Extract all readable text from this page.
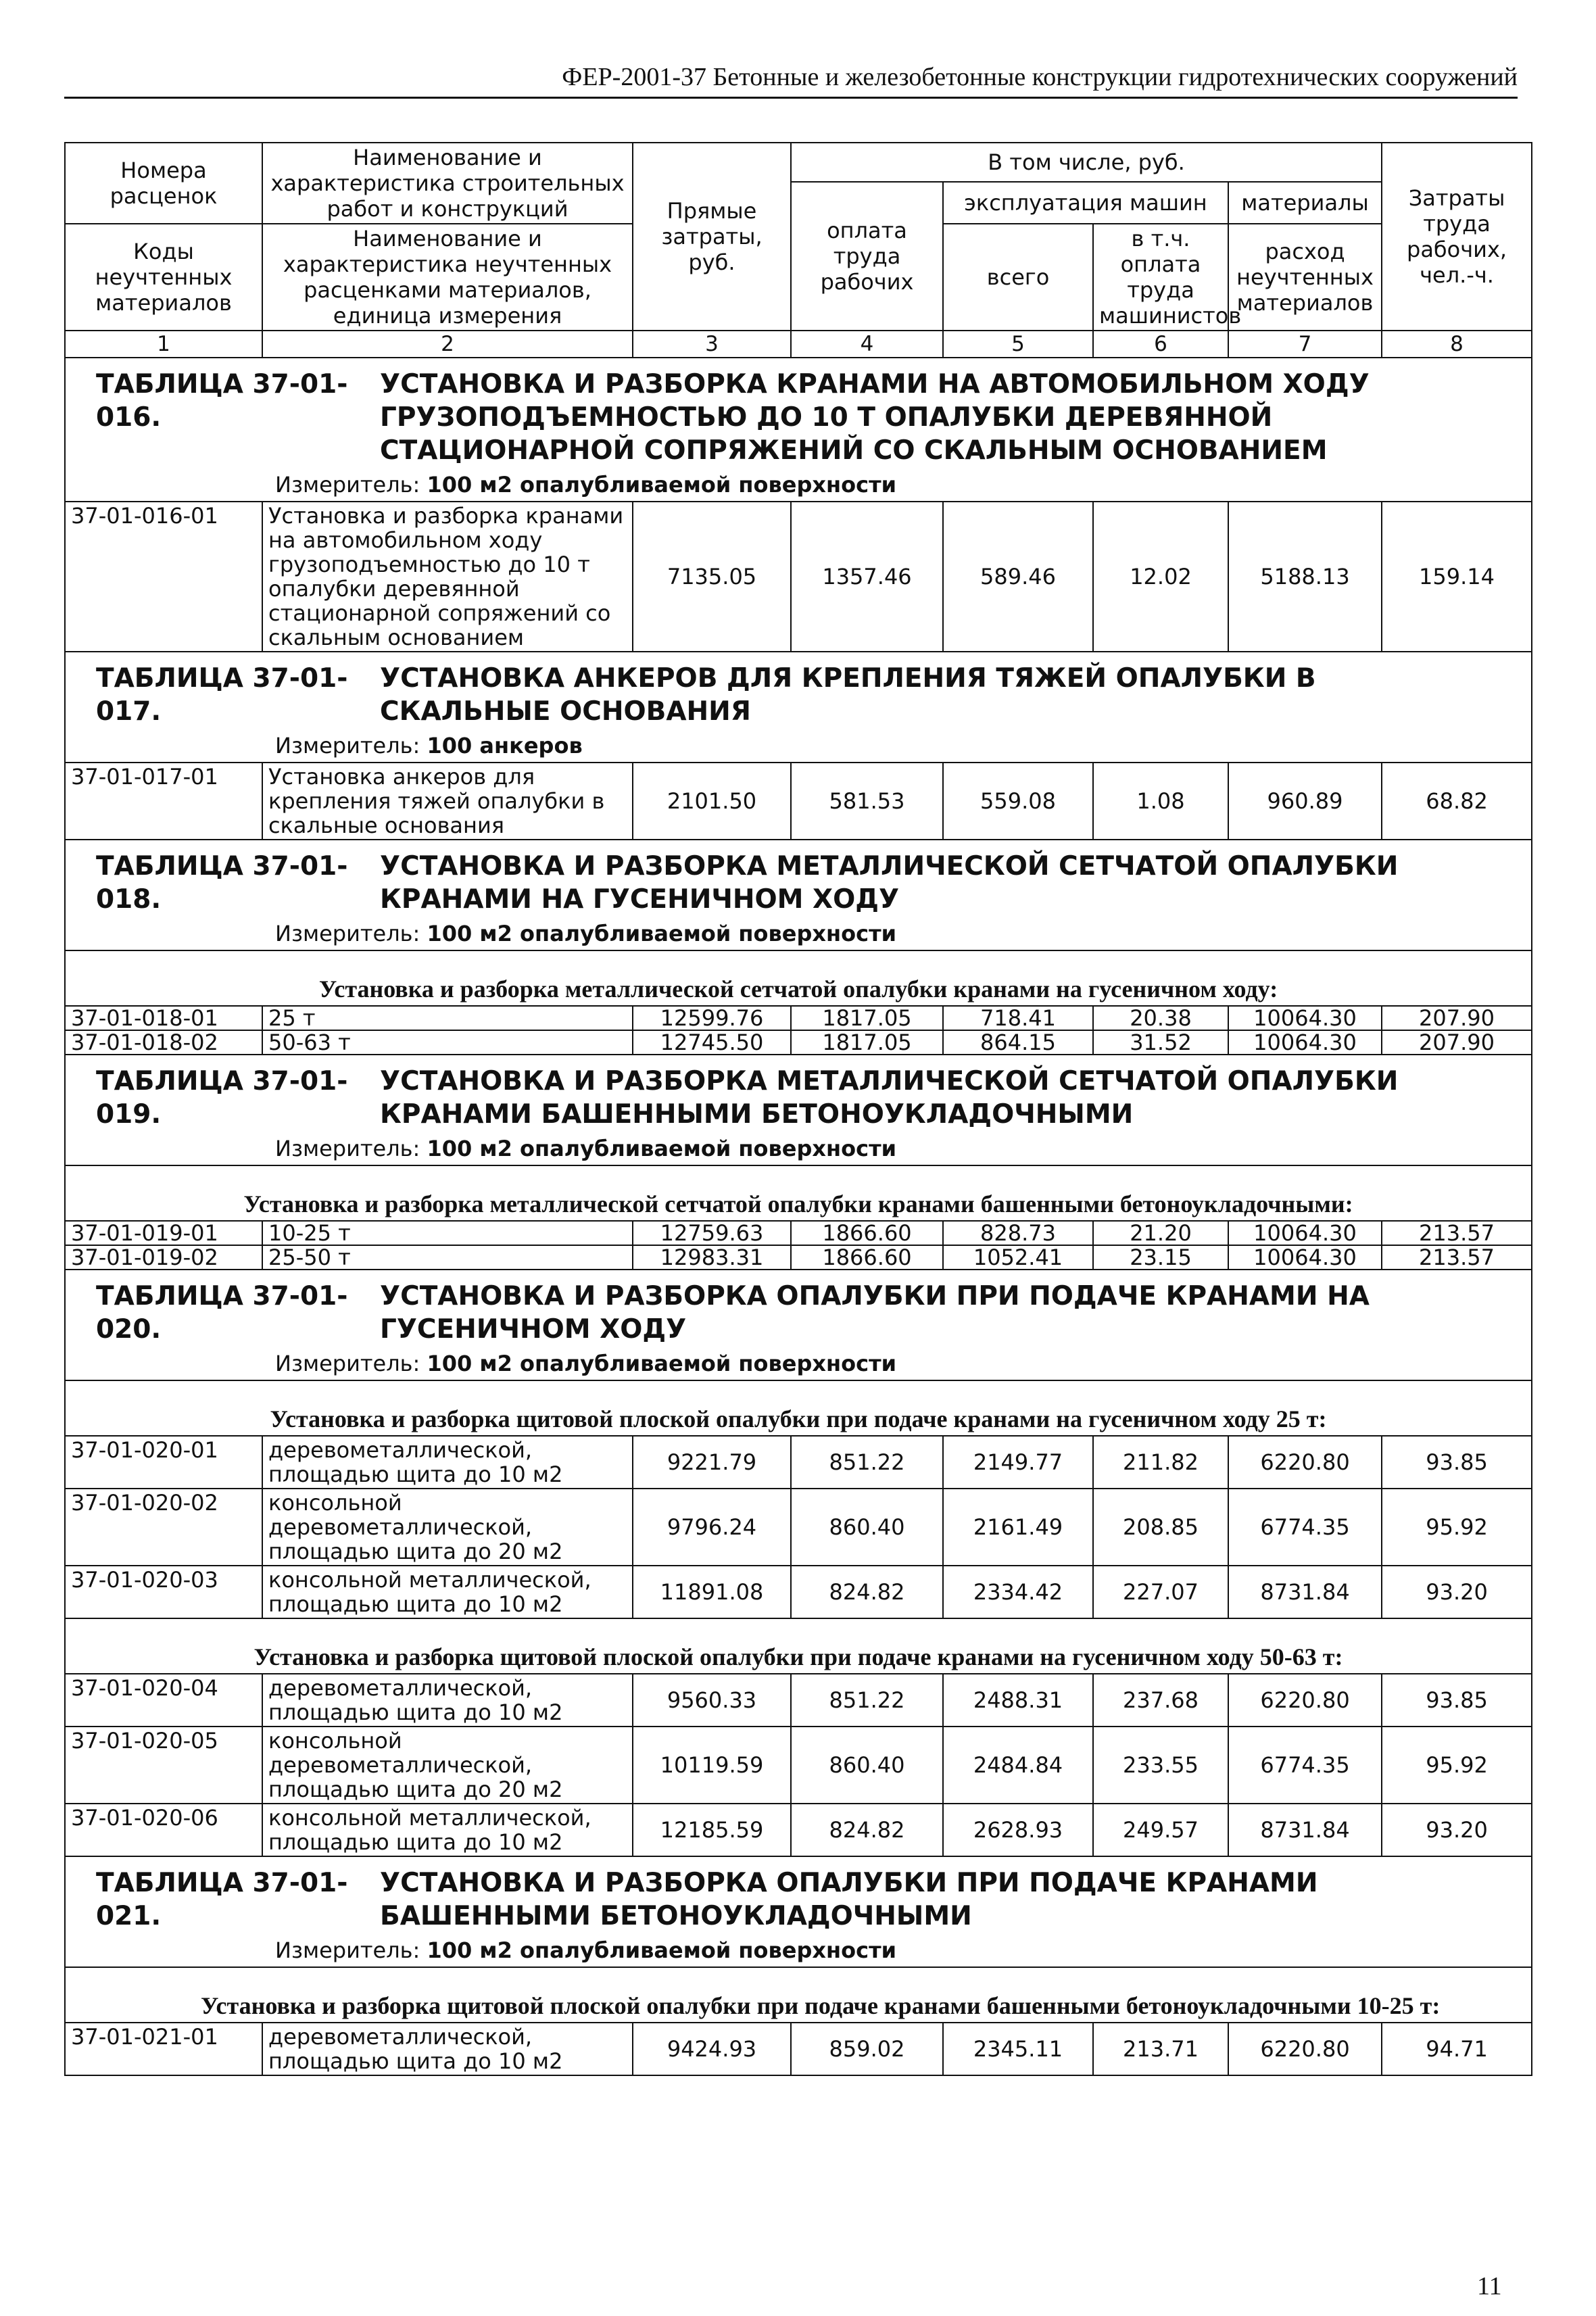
ФЕР-2001-37 Бетонные и железобетонные конструкции гидротехнических сооружений
Номера расценок	Наименование и характеристика строительных работ и конструкций	Прямые затраты, руб.	В том числе, руб.				Затраты труда рабочих, чел.-ч.
			оплата труда рабочих	эксплуатация машин		материалы	
Коды неучтенных материалов	Наименование и характеристика неучтенных расценками материалов, единица измерения			всего	в т.ч. оплата труда машинистов	расход неучтенных материалов	

1	2	3	4	5	6	7	8
ТАБЛИЦА 37-01-016.УСТАНОВКА И РАЗБОРКА КРАНАМИ НА АВТОМОБИЛЬНОМ ХОДУ ГРУЗОПОДЪЕМНОСТЬЮ ДО 10 Т ОПАЛУБКИ ДЕРЕВЯННОЙ СТАЦИОНАРНОЙ СОПРЯЖЕНИЙ СО СКАЛЬНЫМ ОСНОВАНИЕМ							
Измеритель: 100 м2 опалубливаемой поверхности							
37-01-016-01	Установка и разборка кранами на автомобильном ходу грузоподъемностью до 10 т опалубки деревянной стационарной сопряжений со скальным основанием	7135.05	1357.46	589.46	12.02	5188.13	159.14
ТАБЛИЦА 37-01-017.УСТАНОВКА АНКЕРОВ ДЛЯ КРЕПЛЕНИЯ ТЯЖЕЙ ОПАЛУБКИ В СКАЛЬНЫЕ ОСНОВАНИЯ							
Измеритель: 100 анкеров							
37-01-017-01	Установка анкеров для крепления тяжей опалубки в скальные основания	2101.50	581.53	559.08	1.08	960.89	68.82
ТАБЛИЦА 37-01-018.УСТАНОВКА И РАЗБОРКА МЕТАЛЛИЧЕСКОЙ СЕТЧАТОЙ ОПАЛУБКИ КРАНАМИ НА ГУСЕНИЧНОМ ХОДУ							
Измеритель: 100 м2 опалубливаемой поверхности							
Установка и разборка металлической сетчатой опалубки кранами на гусеничном ходу:							
37-01-018-01	25 т	12599.76	1817.05	718.41	20.38	10064.30	207.90
37-01-018-02	50-63 т	12745.50	1817.05	864.15	31.52	10064.30	207.90
ТАБЛИЦА 37-01-019.УСТАНОВКА И РАЗБОРКА МЕТАЛЛИЧЕСКОЙ СЕТЧАТОЙ ОПАЛУБКИ КРАНАМИ БАШЕННЫМИ БЕТОНОУКЛАДОЧНЫМИ							
Измеритель: 100 м2 опалубливаемой поверхности							
Установка и разборка металлической сетчатой опалубки кранами башенными бетоноукладочными:							
37-01-019-01	10-25 т	12759.63	1866.60	828.73	21.20	10064.30	213.57
37-01-019-02	25-50 т	12983.31	1866.60	1052.41	23.15	10064.30	213.57
ТАБЛИЦА 37-01-020.УСТАНОВКА И РАЗБОРКА ОПАЛУБКИ ПРИ ПОДАЧЕ КРАНАМИ НА ГУСЕНИЧНОМ ХОДУ							
Измеритель: 100 м2 опалубливаемой поверхности							
Установка и разборка щитовой плоской опалубки при подаче кранами на гусеничном ходу 25 т:							
37-01-020-01	деревометаллической, площадью щита до 10 м2	9221.79	851.22	2149.77	211.82	6220.80	93.85
37-01-020-02	консольной деревометаллической, площадью щита до 20 м2	9796.24	860.40	2161.49	208.85	6774.35	95.92
37-01-020-03	консольной металлической, площадью щита до 10 м2	11891.08	824.82	2334.42	227.07	8731.84	93.20
Установка и разборка щитовой плоской опалубки при подаче кранами на гусеничном ходу 50-63 т:							
37-01-020-04	деревометаллической, площадью щита до 10 м2	9560.33	851.22	2488.31	237.68	6220.80	93.85
37-01-020-05	консольной деревометаллической, площадью щита до 20 м2	10119.59	860.40	2484.84	233.55	6774.35	95.92
37-01-020-06	консольной металлической, площадью щита до 10 м2	12185.59	824.82	2628.93	249.57	8731.84	93.20
ТАБЛИЦА 37-01-021.УСТАНОВКА И РАЗБОРКА ОПАЛУБКИ ПРИ ПОДАЧЕ КРАНАМИ БАШЕННЫМИ БЕТОНОУКЛАДОЧНЫМИ							
Измеритель: 100 м2 опалубливаемой поверхности							
Установка и разборка щитовой плоской опалубки при подаче кранами башенными бетоноукладочными 10-25 т:							
37-01-021-01	деревометаллической, площадью щита до 10 м2	9424.93	859.02	2345.11	213.71	6220.80	94.71
11
